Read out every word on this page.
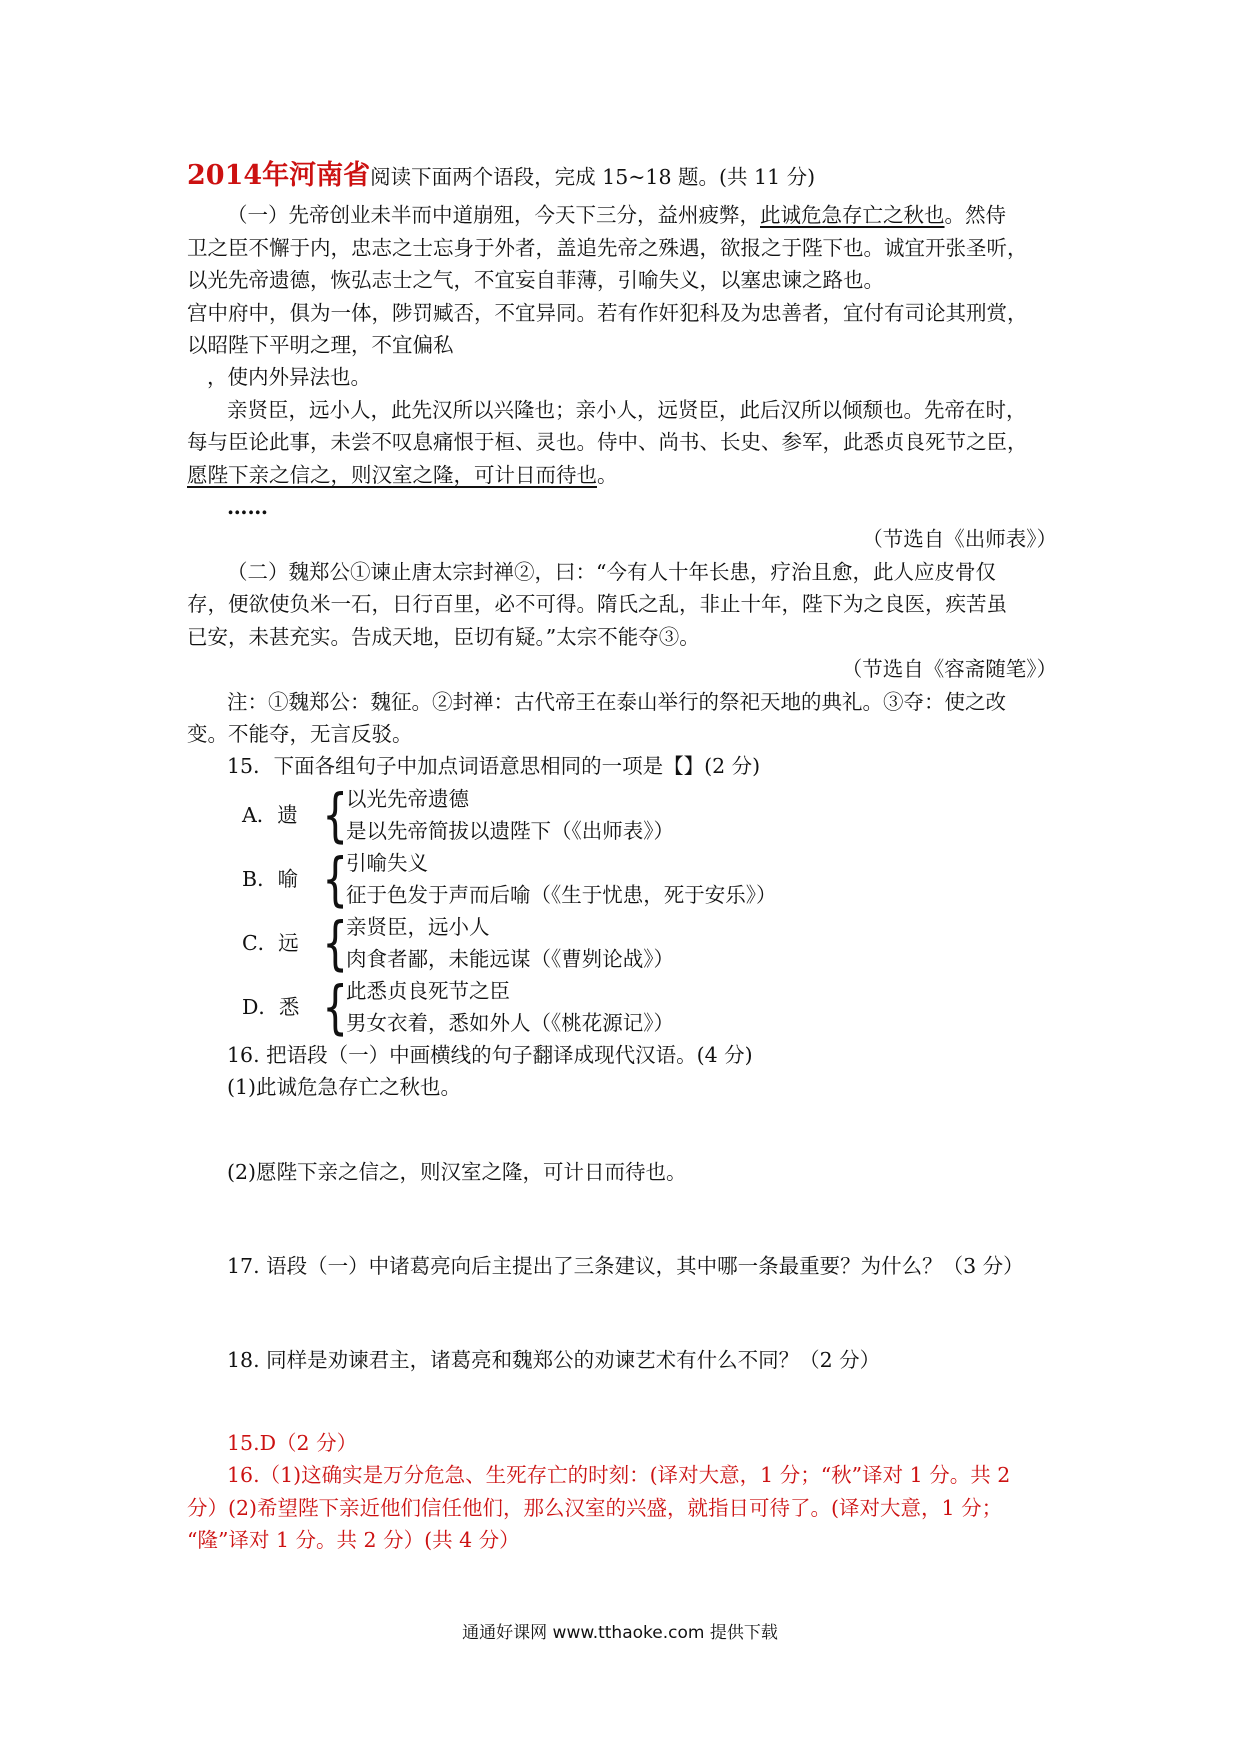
2014年河南省阅读下面两个语段，完成 15~18 题。(共 11 分)
（一）先帝创业未半而中道崩殂，今天下三分，益州疲弊，此诚危急存亡之秋也。然侍
卫之臣不懈于内，忠志之士忘身于外者，盖追先帝之殊遇，欲报之于陛下也。诚宜开张圣听，
以光先帝遗德，恢弘志士之气，不宜妄自菲薄，引喻失义，以塞忠谏之路也。
宫中府中，俱为一体，陟罚臧否，不宜异同。若有作奸犯科及为忠善者，宜付有司论其刑赏，
以昭陛下平明之理，不宜偏私
，使内外异法也。
亲贤臣，远小人，此先汉所以兴隆也；亲小人，远贤臣，此后汉所以倾颓也。先帝在时，
每与臣论此事，未尝不叹息痛恨于桓、灵也。侍中、尚书、长史、参军，此悉贞良死节之臣，
愿陛下亲之信之，则汉室之隆，可计日而待也。
……
（节选自《出师表》）
（二）魏郑公①谏止唐太宗封禅②，曰：“今有人十年长患，疗治且愈，此人应皮骨仅
存，便欲使负米一石，日行百里，必不可得。隋氏之乱，非止十年，陛下为之良医，疾苦虽
已安，未甚充实。告成天地，臣切有疑。”太宗不能夺③。
（节选自《容斋随笔》）
注：①魏郑公：魏征。②封禅：古代帝王在泰山举行的祭祀天地的典礼。③夺：使之改
变。不能夺，无言反驳。
15．下面各组句子中加点词语意思相同的一项是【】(2 分)
A．遗 {
以光先帝遗德
是以先帝简拔以遗陛下（《出师表》）
B．喻 {
引喻失义
征于色发于声而后喻（《生于忧患，死于安乐》）
C．远 {
亲贤臣，远小人
肉食者鄙，未能远谋（《曹刿论战》）
D．悉 {
此悉贞良死节之臣
男女衣着，悉如外人（《桃花源记》）
16. 把语段（一）中画横线的句子翻译成现代汉语。(4 分)
(1)此诚危急存亡之秋也。
(2)愿陛下亲之信之，则汉室之隆，可计日而待也。
17. 语段（一）中诸葛亮向后主提出了三条建议，其中哪一条最重要？为什么？（3 分）
18. 同样是劝谏君主，诸葛亮和魏郑公的劝谏艺术有什么不同？（2 分）
15.D（2 分）
16.（1)这确实是万分危急、生死存亡的时刻：(译对大意，1 分；“秋”译对 1 分。共 2
分）(2)希望陛下亲近他们信任他们，那么汉室的兴盛，就指日可待了。(译对大意，1 分；
“隆”译对 1 分。共 2 分）(共 4 分）
通通好课网 www.tthaoke.com 提供下载
